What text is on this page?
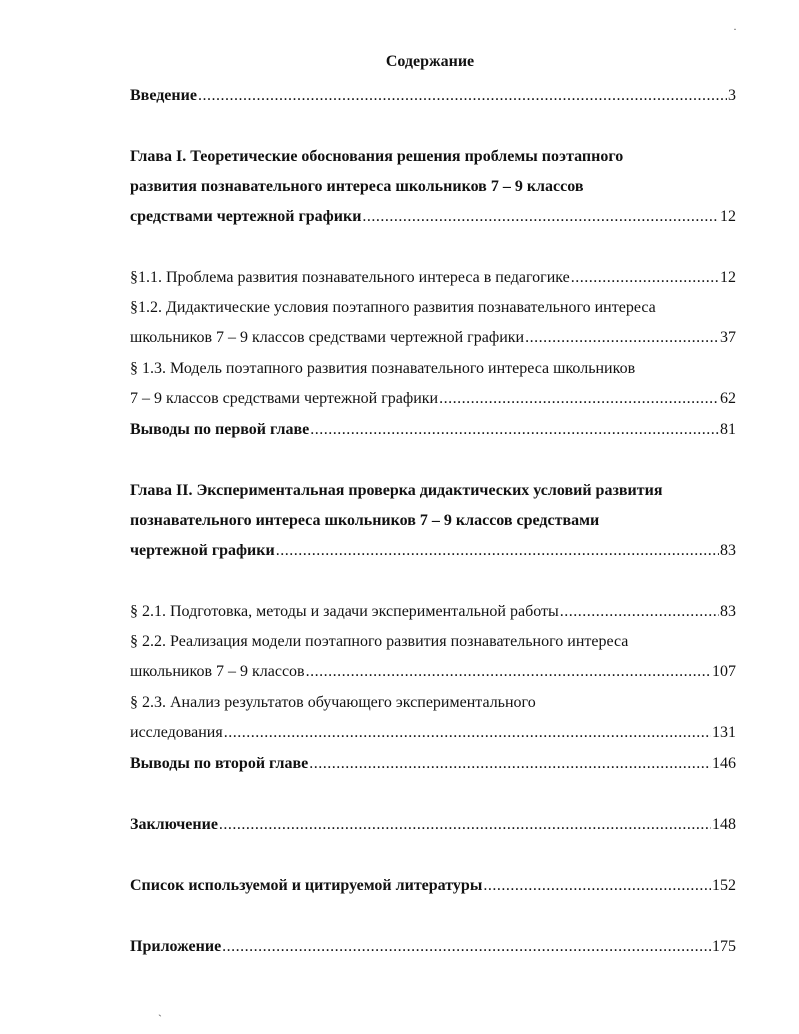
Содержание
Введение .....	3
Глава I. Теоретические обоснования решения проблемы поэтапного
развития познавательного интереса школьников 7 – 9 классов
средствами чертежной графики .....	12
§1.1. Проблема развития познавательного интереса в педагогике .....	12
§1.2. Дидактические условия поэтапного развития познавательного интереса
школьников 7 – 9 классов средствами чертежной графики .....	37
§ 1.3. Модель поэтапного развития познавательного интереса школьников
7 – 9 классов средствами чертежной графики .....	62
Выводы по первой главе .....	81
Глава II. Экспериментальная проверка дидактических условий развития
познавательного интереса школьников 7 – 9 классов средствами
чертежной графики .....	83
§ 2.1. Подготовка, методы и задачи экспериментальной работы .....	83
§ 2.2. Реализация модели поэтапного развития познавательного интереса
школьников 7 – 9 классов .....	107
§ 2.3. Анализ результатов обучающего экспериментального
исследования .....	131
Выводы по второй главе .....	146
Заключение .....	148
Список используемой и цитируемой литературы .....	152
Приложение .....	175
·
ˋ
